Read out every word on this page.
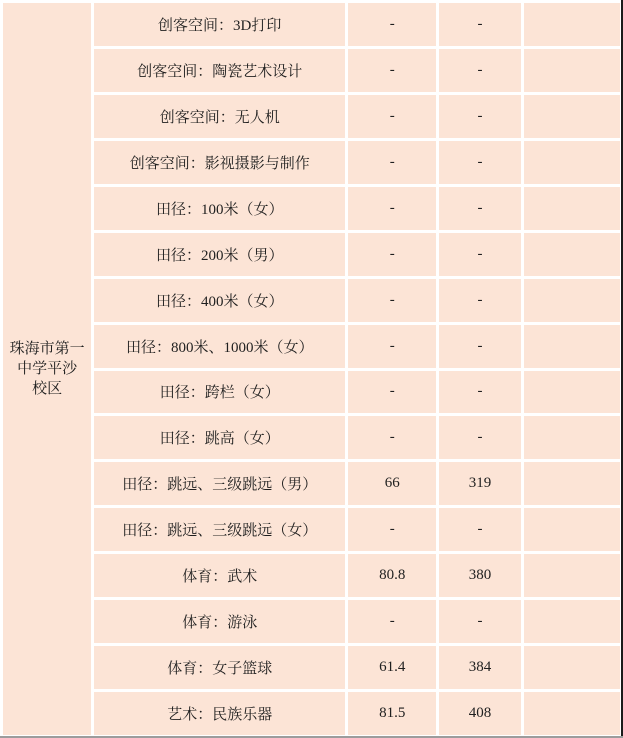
珠海市第一
中学平沙
校区	创客空间：3D打印	-	-	
	创客空间：陶瓷艺术设计	-	-	
	创客空间：无人机	-	-	
	创客空间：影视摄影与制作	-	-	
	田径：100米（女）	-	-	
	田径：200米（男）	-	-	
	田径：400米（女）	-	-	
	田径：800米、1000米（女）	-	-	
	田径：跨栏（女）	-	-	
	田径：跳高（女）	-	-	
	田径：跳远、三级跳远（男）	66	319	
	田径：跳远、三级跳远（女）	-	-	
	体育：武术	80.8	380	
	体育：游泳	-	-	
	体育：女子篮球	61.4	384	
	艺术：民族乐器	81.5	408	
